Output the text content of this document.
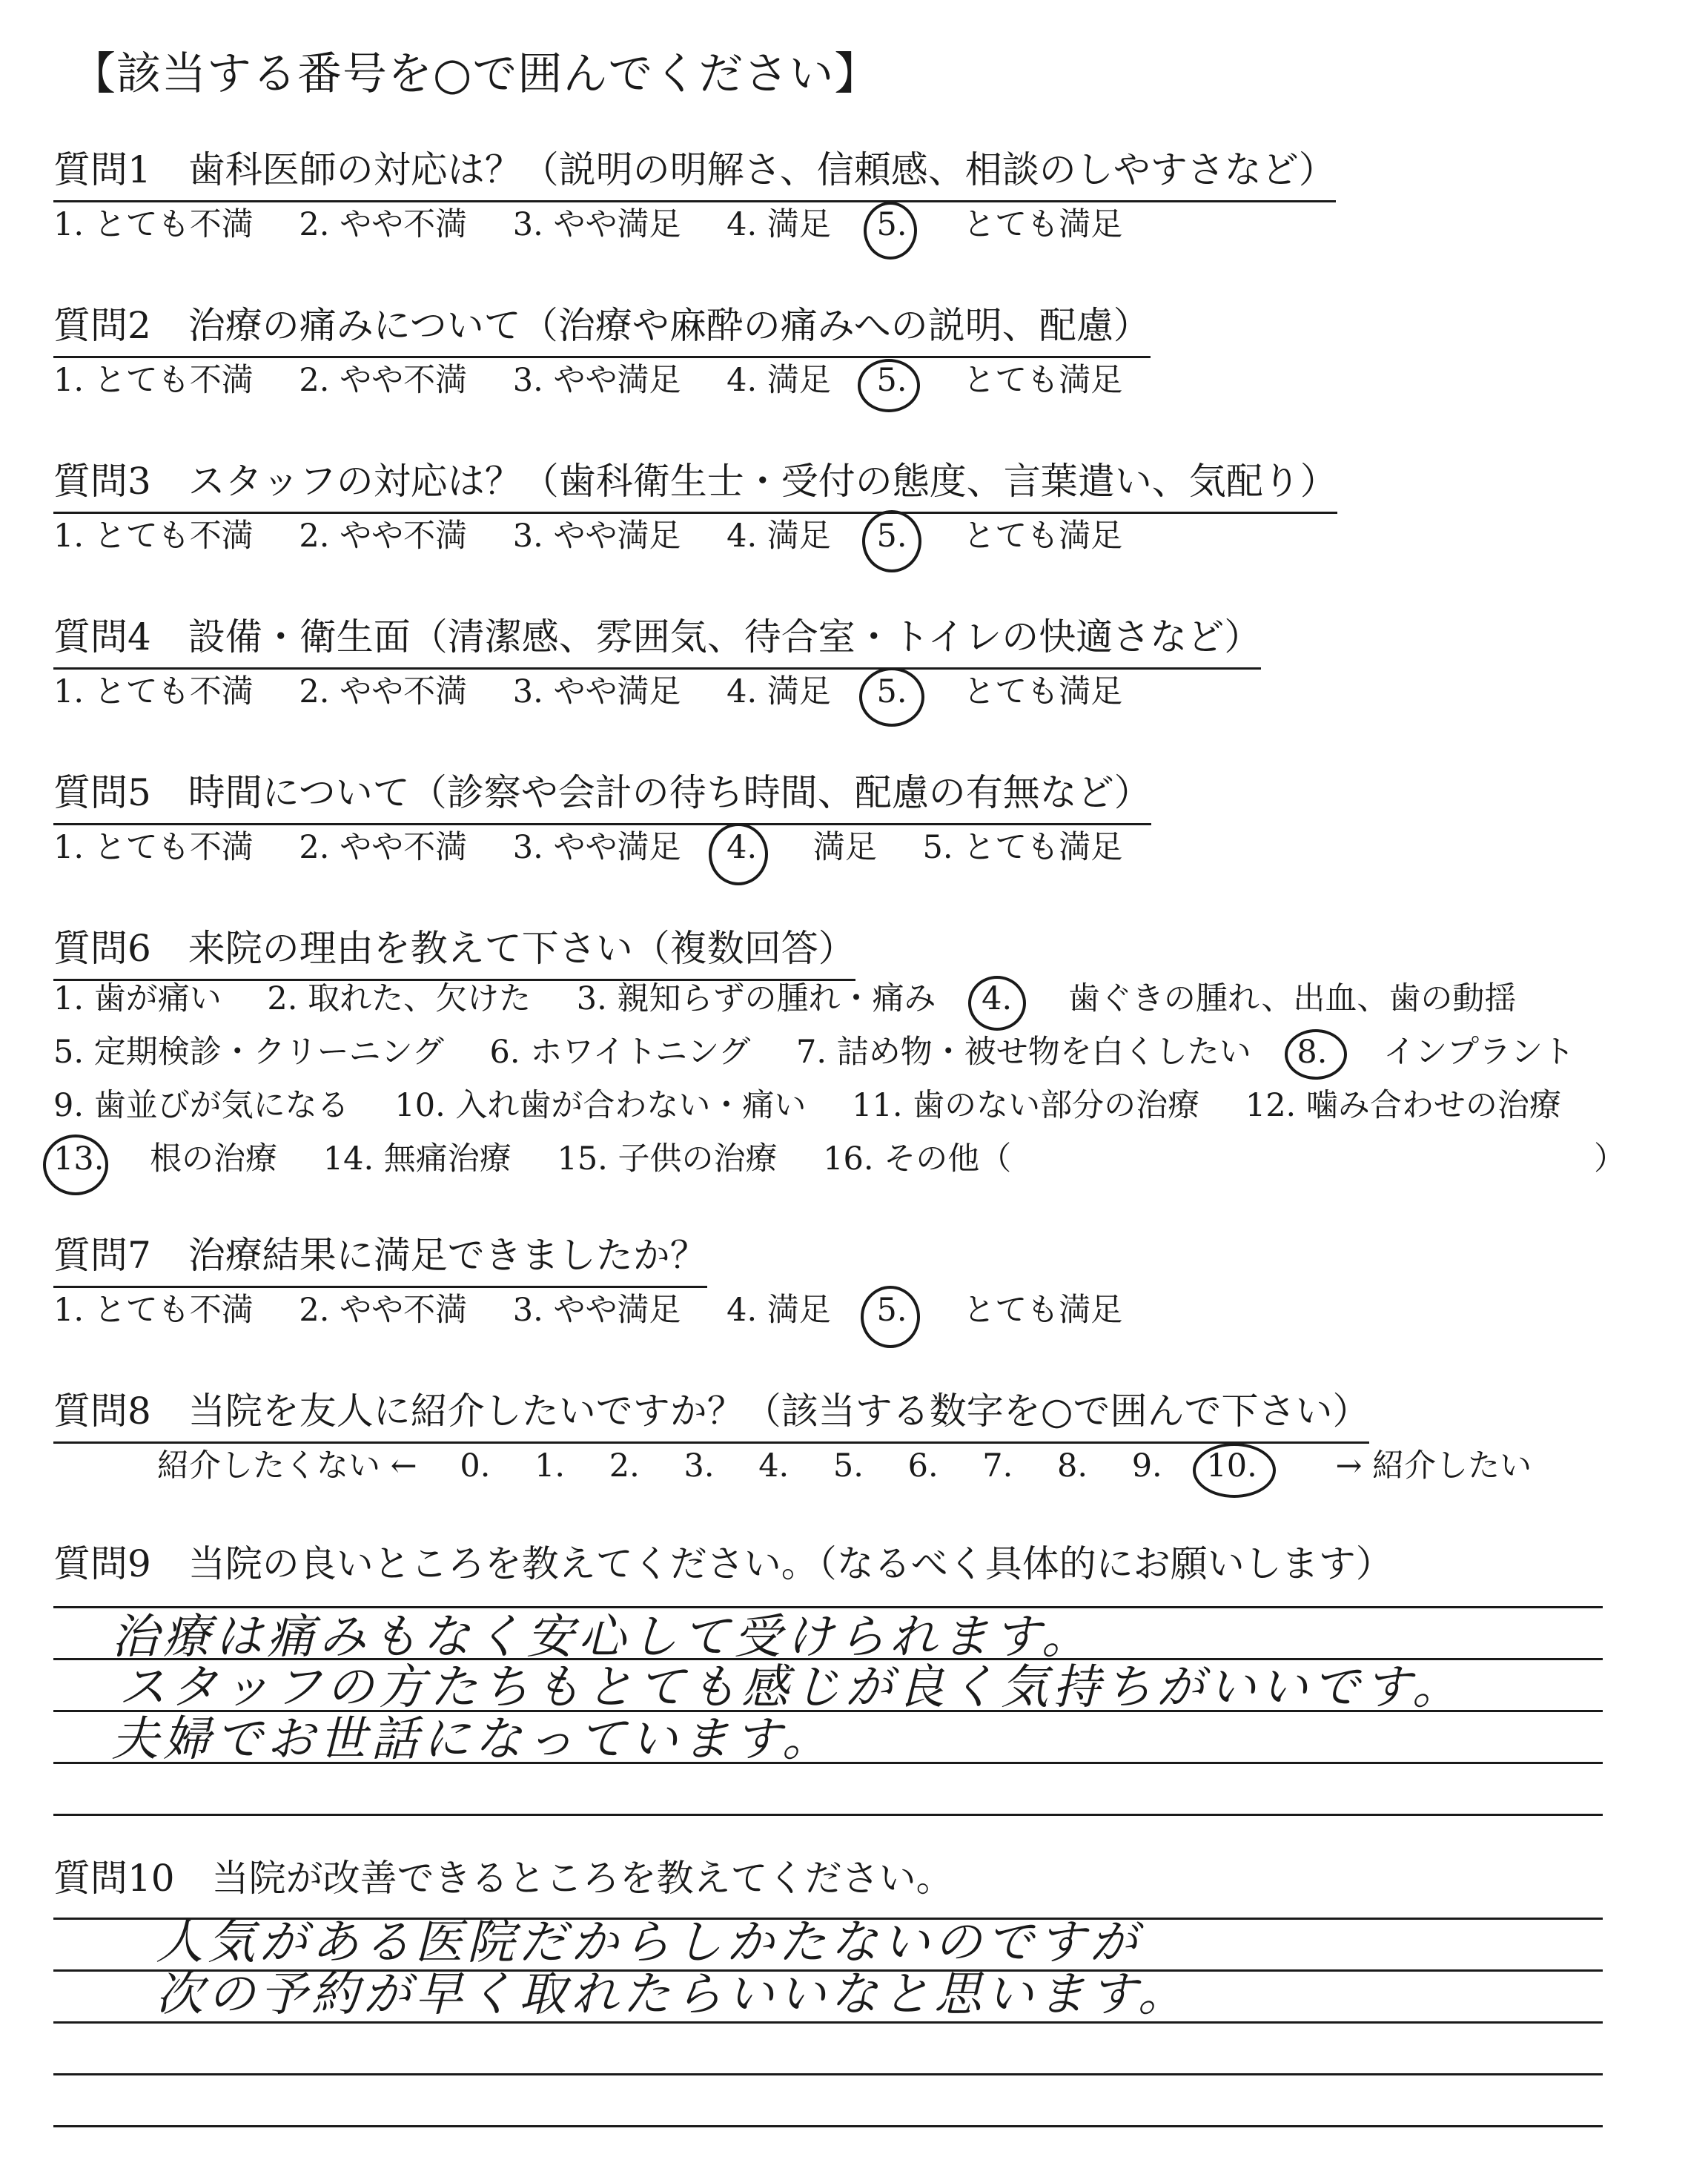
【該当する番号を○で囲んでください】
質問1　歯科医師の対応は？（説明の明解さ、信頼感、相談のしやすさなど）
1. とても不満 2. やや不満 3. やや満足 4. 満足 5. とても満足
質問2　治療の痛みについて（治療や麻酔の痛みへの説明、配慮）
1. とても不満 2. やや不満 3. やや満足 4. 満足 5. とても満足
質問3　スタッフの対応は？（歯科衛生士・受付の態度、言葉遣い、気配り）
1. とても不満 2. やや不満 3. やや満足 4. 満足 5. とても満足
質問4　設備・衛生面（清潔感、雰囲気、待合室・トイレの快適さなど）
1. とても不満 2. やや不満 3. やや満足 4. 満足 5. とても満足
質問5　時間について（診察や会計の待ち時間、配慮の有無など）
1. とても不満 2. やや不満 3. やや満足 4. 満足 5. とても満足
質問6　来院の理由を教えて下さい（複数回答）
1. 歯が痛い 2. 取れた、欠けた 3. 親知らずの腫れ・痛み 4. 歯ぐきの腫れ、出血、歯の動揺
5. 定期検診・クリーニング 6. ホワイトニング 7. 詰め物・被せ物を白くしたい 8. インプラント
9. 歯並びが気になる 10. 入れ歯が合わない・痛い 11. 歯のない部分の治療 12. 噛み合わせの治療
13. 根の治療 14. 無痛治療 15. 子供の治療 16. その他（	）
質問7　治療結果に満足できましたか？
1. とても不満 2. やや不満 3. やや満足 4. 満足 5. とても満足
質問8　当院を友人に紹介したいですか？（該当する数字を○で囲んで下さい）
紹介したくない ← 0. 1. 2. 3. 4. 5. 6. 7. 8. 9. 10. → 紹介したい
質問9　当院の良いところを教えてください。（なるべく具体的にお願いします）
治療は痛みもなく安心して受けられます。
スタッフの方たちもとても感じが良く気持ちがいいです。
夫婦でお世話になっています。
質問10　当院が改善できるところを教えてください。
人気がある医院だからしかたないのですが
次の予約が早く取れたらいいなと思います。
